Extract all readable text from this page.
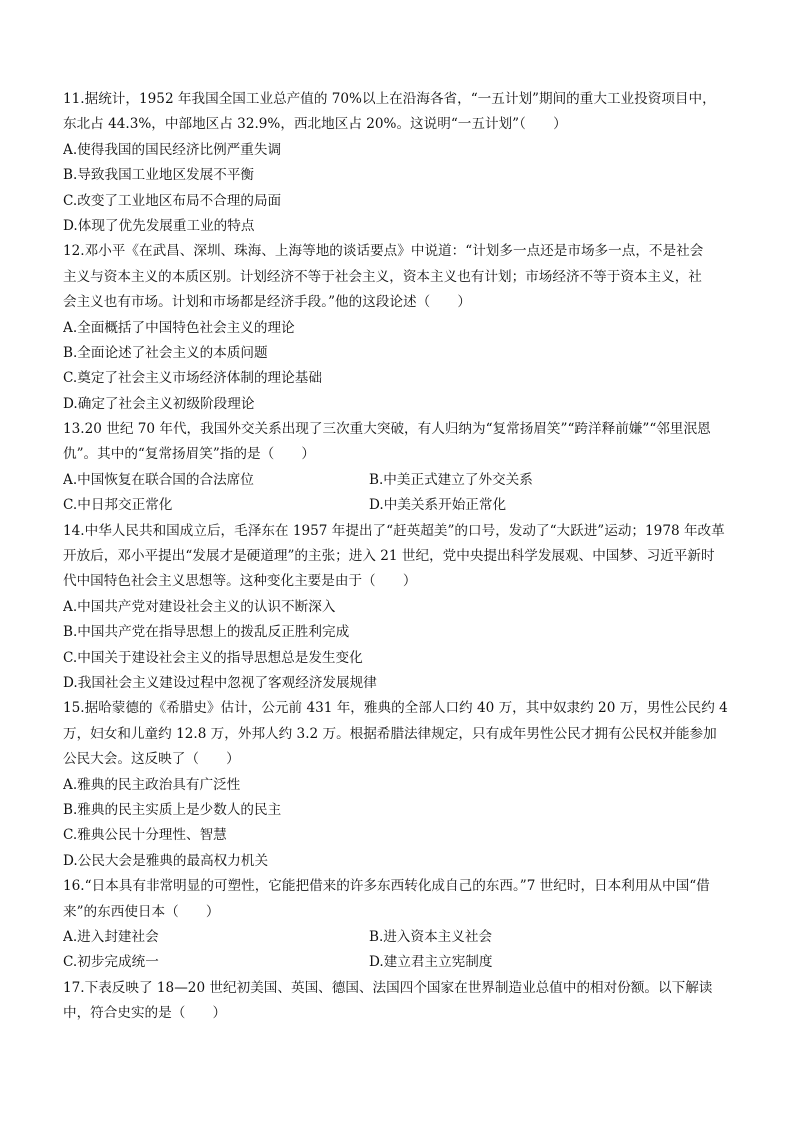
11.据统计，1952 年我国全国工业总产值的 70%以上在沿海各省，“一五计划”期间的重大工业投资项目中，
东北占 44.3%，中部地区占 32.9%，西北地区占 20%。这说明“一五计划”（　　）
A.使得我国的国民经济比例严重失调
B.导致我国工业地区发展不平衡
C.改变了工业地区布局不合理的局面
D.体现了优先发展重工业的特点
12.邓小平《在武昌、深圳、珠海、上海等地的谈话要点》中说道：“计划多一点还是市场多一点，不是社会
主义与资本主义的本质区别。计划经济不等于社会主义，资本主义也有计划；市场经济不等于资本主义，社
会主义也有市场。计划和市场都是经济手段。”他的这段论述（　　）
A.全面概括了中国特色社会主义的理论
B.全面论述了社会主义的本质问题
C.奠定了社会主义市场经济体制的理论基础
D.确定了社会主义初级阶段理论
13.20 世纪 70 年代，我国外交关系出现了三次重大突破，有人归纳为“复常扬眉笑”“跨洋释前嫌”“邻里泯恩
仇”。其中的“复常扬眉笑”指的是（　　）
A.中国恢复在联合国的合法席位	B.中美正式建立了外交关系
C.中日邦交正常化	D.中美关系开始正常化
14.中华人民共和国成立后，毛泽东在 1957 年提出了“赶英超美”的口号，发动了“大跃进”运动；1978 年改革
开放后，邓小平提出“发展才是硬道理”的主张；进入 21 世纪，党中央提出科学发展观、中国梦、习近平新时
代中国特色社会主义思想等。这种变化主要是由于（　　）
A.中国共产党对建设社会主义的认识不断深入
B.中国共产党在指导思想上的拨乱反正胜利完成
C.中国关于建设社会主义的指导思想总是发生变化
D.我国社会主义建设过程中忽视了客观经济发展规律
15.据哈蒙德的《希腊史》估计，公元前 431 年，雅典的全部人口约 40 万，其中奴隶约 20 万，男性公民约 4
万，妇女和儿童约 12.8 万，外邦人约 3.2 万。根据希腊法律规定，只有成年男性公民才拥有公民权并能参加
公民大会。这反映了（　　）
A.雅典的民主政治具有广泛性
B.雅典的民主实质上是少数人的民主
C.雅典公民十分理性、智慧
D.公民大会是雅典的最高权力机关
16.“日本具有非常明显的可塑性，它能把借来的许多东西转化成自己的东西。”7 世纪时，日本利用从中国“借
来”的东西使日本（　　）
A.进入封建社会	B.进入资本主义社会
C.初步完成统一	D.建立君主立宪制度
17.下表反映了 18—20 世纪初美国、英国、德国、法国四个国家在世界制造业总值中的相对份额。以下解读
中，符合史实的是（　　）
